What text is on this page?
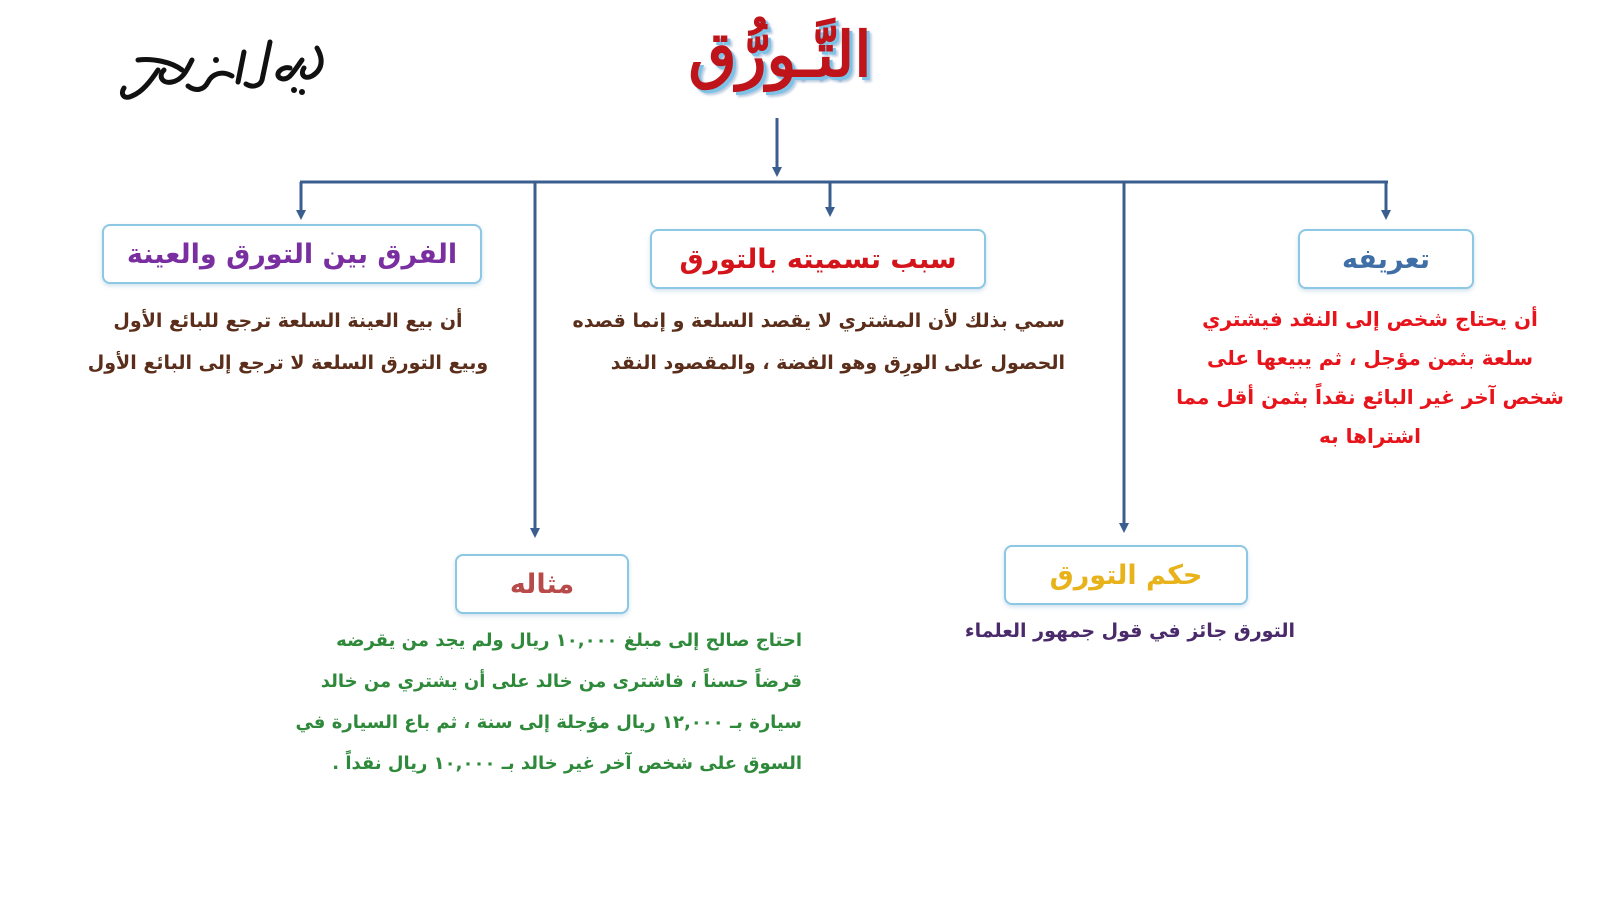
التَّـورُّق
تعريفه

أن يحتاج شخص إلى النقد فيشتري

سلعة بثمن مؤجل ، ثم يبيعها على

شخص آخر غير البائع نقداً بثمن أقل مما

اشتراها به

سبب تسميته بالتورق

سمي بذلك لأن المشتري لا يقصد السلعة و إنما قصده

الحصول على الورِق وهو الفضة ، والمقصود النقد

الفرق بين التورق والعينة

أن بيع العينة السلعة ترجع للبائع الأول

وبيع التورق السلعة لا ترجع إلى البائع الأول

حكم التورق

التورق جائز في قول جمهور العلماء

مثاله

احتاج صالح إلى مبلغ ١٠,٠٠٠ ريال ولم يجد من يقرضه

قرضاً حسناً ، فاشترى من خالد على أن يشتري من خالد

سيارة بـ ١٢,٠٠٠ ريال مؤجلة إلى سنة ، ثم باع السيارة في

السوق على شخص آخر غير خالد بـ ١٠,٠٠٠ ريال نقداً .
